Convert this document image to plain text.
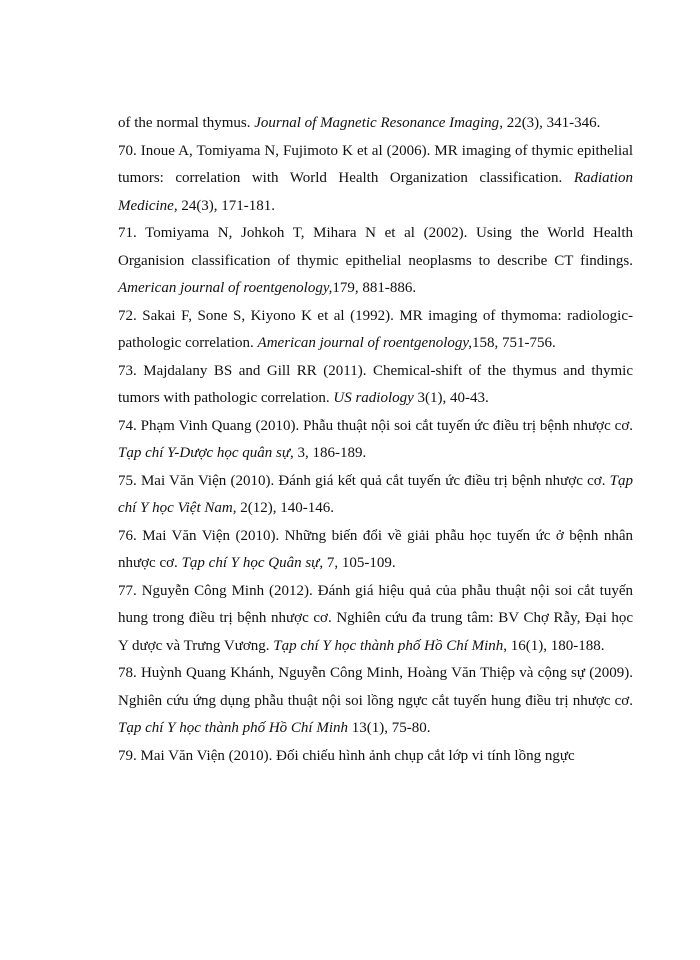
of the normal thymus. Journal of Magnetic Resonance Imaging, 22(3), 341-346.

70. Inoue A, Tomiyama N, Fujimoto K et al (2006). MR imaging of thymic epithelial tumors: correlation with World Health Organization classification. Radiation Medicine, 24(3), 171-181.

71. Tomiyama N, Johkoh T, Mihara N et al (2002). Using the World Health Organision classification of thymic epithelial neoplasms to describe CT findings. American journal of roentgenology,179, 881-886.

72. Sakai F, Sone S, Kiyono K et al (1992). MR imaging of thymoma: radiologic-pathologic correlation. American journal of roentgenology,158, 751-756.

73. Majdalany BS and Gill RR (2011). Chemical-shift of the thymus and thymic tumors with pathologic correlation. US radiology 3(1), 40-43.

74. Phạm Vinh Quang (2010). Phẫu thuật nội soi cắt tuyến ức điều trị bệnh nhược cơ. Tạp chí Y-Dược học quân sự, 3, 186-189.

75. Mai Văn Viện (2010). Đánh giá kết quả cắt tuyến ức điều trị bệnh nhược cơ. Tạp chí Y học Việt Nam, 2(12), 140-146.

76. Mai Văn Viện (2010). Những biến đổi về giải phẫu học tuyến ức ở bệnh nhân nhược cơ. Tạp chí Y học Quân sự, 7, 105-109.

77. Nguyễn Công Minh (2012). Đánh giá hiệu quả của phẫu thuật nội soi cắt tuyến hung trong điều trị bệnh nhược cơ. Nghiên cứu đa trung tâm: BV Chợ Rẫy, Đại học Y dược và Trưng Vương. Tạp chí Y học thành phố Hồ Chí Minh, 16(1), 180-188.

78. Huỳnh Quang Khánh, Nguyễn Công Minh, Hoàng Văn Thiệp và cộng sự (2009). Nghiên cứu ứng dụng phẫu thuật nội soi lồng ngực cắt tuyến hung điều trị nhược cơ. Tạp chí Y học thành phố Hồ Chí Minh 13(1), 75-80.

79. Mai Văn Viện (2010). Đối chiếu hình ảnh chụp cắt lớp vi tính lồng ngực
